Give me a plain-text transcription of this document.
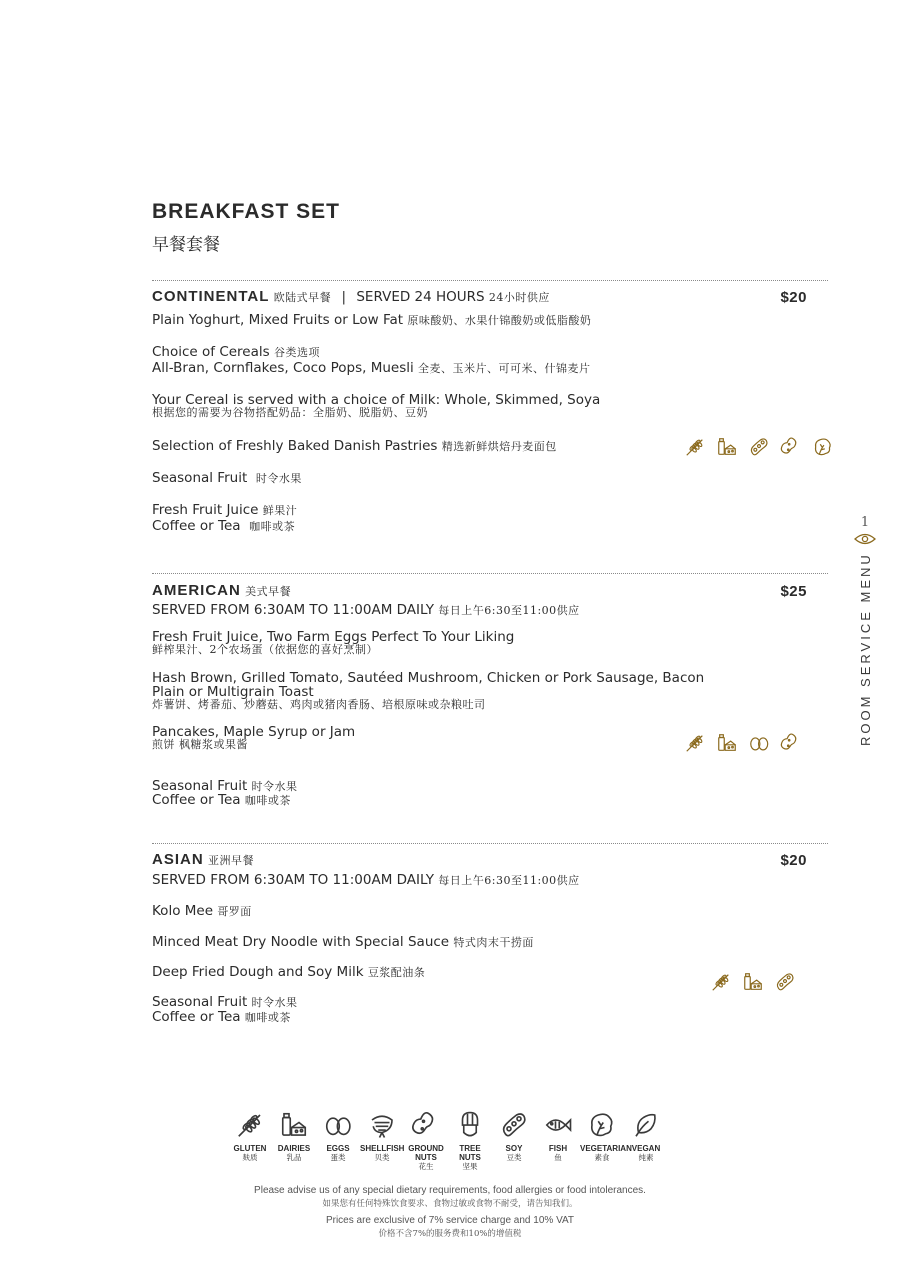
BREAKFAST SET
早餐套餐
CONTINENTAL 欧陆式早餐 | SERVED 24 HOURS 24小时供应	$20
Plain Yoghurt, Mixed Fruits or Low Fat 原味酸奶、水果什锦酸奶或低脂酸奶
Choice of Cereals 谷类选项
All-Bran, Cornflakes, Coco Pops, Muesli 全麦、玉米片、可可米、什锦麦片
Your Cereal is served with a choice of Milk: Whole, Skimmed, Soya
根据您的需要为谷物搭配奶品：全脂奶、脱脂奶、豆奶
Selection of Freshly Baked Danish Pastries 精选新鲜烘焙丹麦面包
Seasonal Fruit 时令水果
Fresh Fruit Juice 鲜果汁
Coffee or Tea 咖啡或茶
AMERICAN 美式早餐	$25
SERVED FROM 6:30AM TO 11:00AM DAILY 每日上午6:30至11:00供应
Fresh Fruit Juice, Two Farm Eggs Perfect To Your Liking
鲜榨果汁、2个农场蛋（依据您的喜好烹制）
Hash Brown, Grilled Tomato, Sautéed Mushroom, Chicken or Pork Sausage, Bacon
Plain or Multigrain Toast
炸薯饼、烤番茄、炒蘑菇、鸡肉或猪肉香肠、培根原味或杂粮吐司
Pancakes, Maple Syrup or Jam
煎饼 枫糖浆或果酱
Seasonal Fruit 时令水果
Coffee or Tea 咖啡或茶
ASIAN 亚洲早餐	$20
SERVED FROM 6:30AM TO 11:00AM DAILY 每日上午6:30至11:00供应
Kolo Mee 哥罗面
Minced Meat Dry Noodle with Special Sauce 特式肉末干捞面
Deep Fried Dough and Soy Milk 豆浆配油条
Seasonal Fruit 时令水果
Coffee or Tea 咖啡或茶
1
ROOM SERVICE MENU
GLUTEN
麸质
DAIRIES
乳品
EGGS
蛋类
SHELLFISH
贝类
GROUND NUTS
花生
TREE NUTS
坚果
SOY
豆类
FISH
鱼
VEGETARIAN
素食
VEGAN
纯素
Please advise us of any special dietary requirements, food allergies or food intolerances.
如果您有任何特殊饮食要求、食物过敏或食物不耐受，请告知我们。
Prices are exclusive of 7% service charge and 10% VAT
价格不含7%的服务费和10%的增值税
